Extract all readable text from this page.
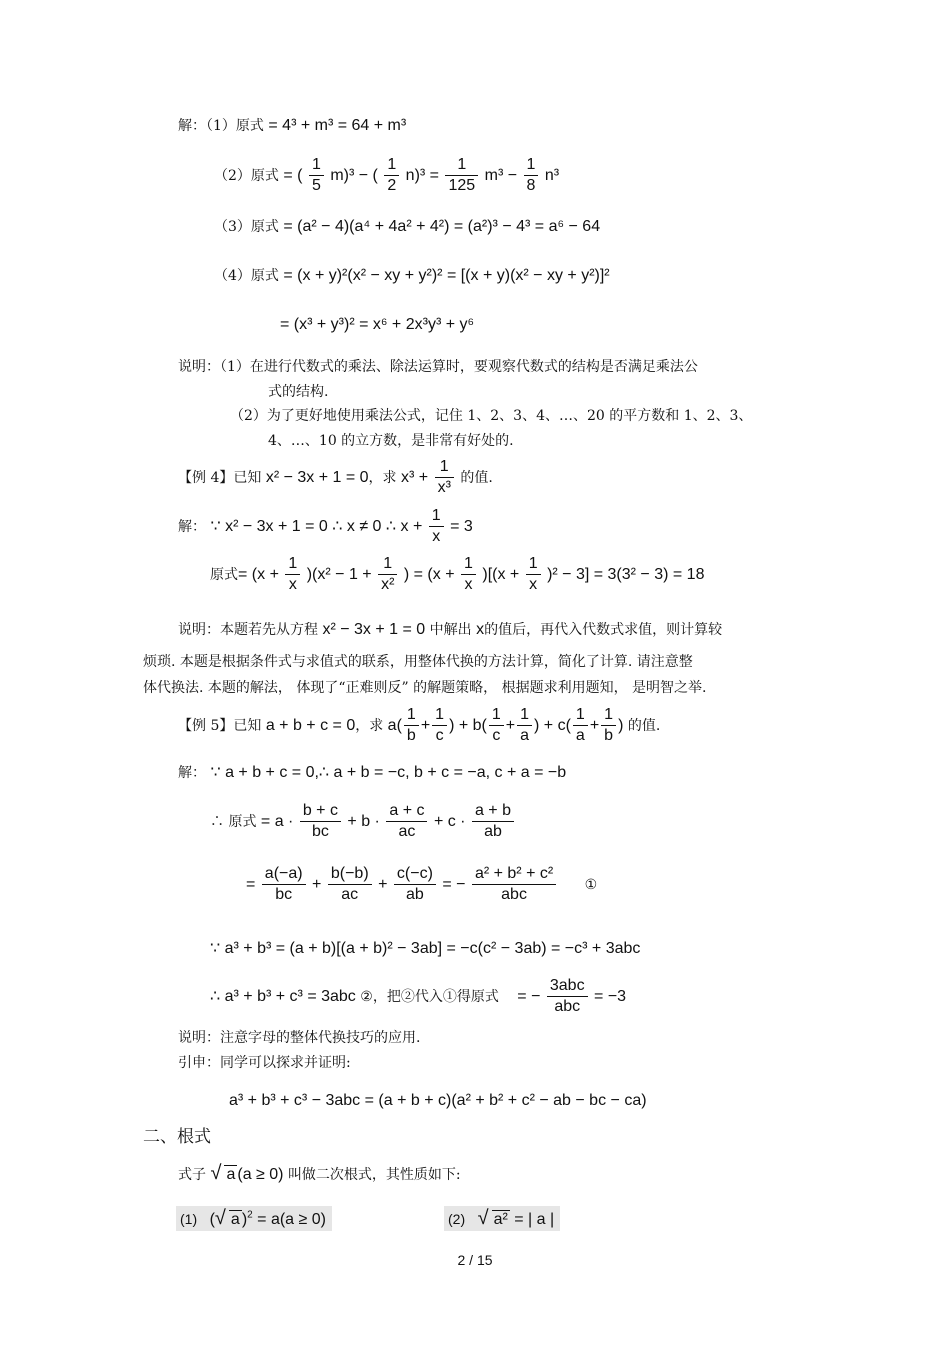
解：（1）原式 = 4³ + m³ = 64 + m³
（2）原式 = ( $\frac{1}{5} m)^3$ − ( $\frac{1}{2} n)^3 = \frac{1}{125} m^3 - \frac{1}{8} n^3$
（3）原式 = (a² − 4)(a⁴ + 4a² + 4²) = (a²)³ − 4³ = a⁶ − 64
（4）原式 = (x + y)²(x² − xy + y²)² = [(x + y)(x² − xy + y²)]²
= (x³ + y³)² = x⁶ + 2x³y³ + y⁶
说明：（1）在进行代数式的乘法、除法运算时，要观察代数式的结构是否满足乘法公
式的结构.
（2）为了更好地使用乘法公式，记住 1、2、3、4、…、20 的平方数和 1、2、3、
4、…、10 的立方数，是非常有好处的.
【例 4】已知 x² − 3x + 1 = 0，求 $x^3 + \frac{1}{\text{x³}}$ 的值.
解： ∵ x² − 3x + 1 = 0 ∴ x ≠ 0 ∴ $x + \frac{1}{x} = 3$
原式= $(x + \frac{1}{x} )(x^2 - 1 + \frac{1}{\text{x²}}$ ) = $(x + \frac{1}{x} )[(x + \frac{1}{x} )^2 - 3] = 3(3^2 - 3) = 18$
说明：本题若先从方程 x² − 3x + 1 = 0 中解出 x的值后，再代入代数式求值，则计算较
烦琐. 本题是根据条件式与求值式的联系，用整体代换的方法计算，简化了计算. 请注意整
体代换法. 本题的解法， 体现了“正难则反” 的解题策略， 根据题求利用题知， 是明智之举.
【例 5】已知 a + b + c = 0，求 $a( \frac{1}{b} + \frac{1}{c}$ ) + $b( \frac{1}{c} + \frac{1}{a}$ ) + $c( \frac{1}{a} + \frac{1}{b}$ ) 的值.
解： ∵ a + b + c = 0,∴ a + b = −c, b + c = −a, c + a = −b
∴ 原式 = $a \cdot \frac{b + c}{bc} + b \cdot \frac{a + c}{ac} + c \cdot \frac{a + b}{ab}$
= $\frac{a(-a)}{bc} + \frac{b(-b)}{ac} + \frac{c(-c)}{ab}$ = − $\frac{\text{a² + b² + c²}}{\text{abc}}$ ①
∵ a³ + b³ = (a + b)[(a + b)² − 3ab] = −c(c² − 3ab) = −c³ + 3abc
∴ a³ + b³ + c³ = 3abc ②，把②代入①得原式 = − $\frac{\text{3abc}}{\text{abc}} = -3$
说明：注意字母的整体代换技巧的应用.
引申：同学可以探求并证明:
a³ + b³ + c³ − 3abc = (a + b + c)(a² + b² + c² − ab − bc − ca)
二、根式
式子 √ a (a ≥ 0) 叫做二次根式，其性质如下:
(1) ( √ a )$^2$ = a(a ≥ 0)	(2) √ a² = | a |
2 / 15
